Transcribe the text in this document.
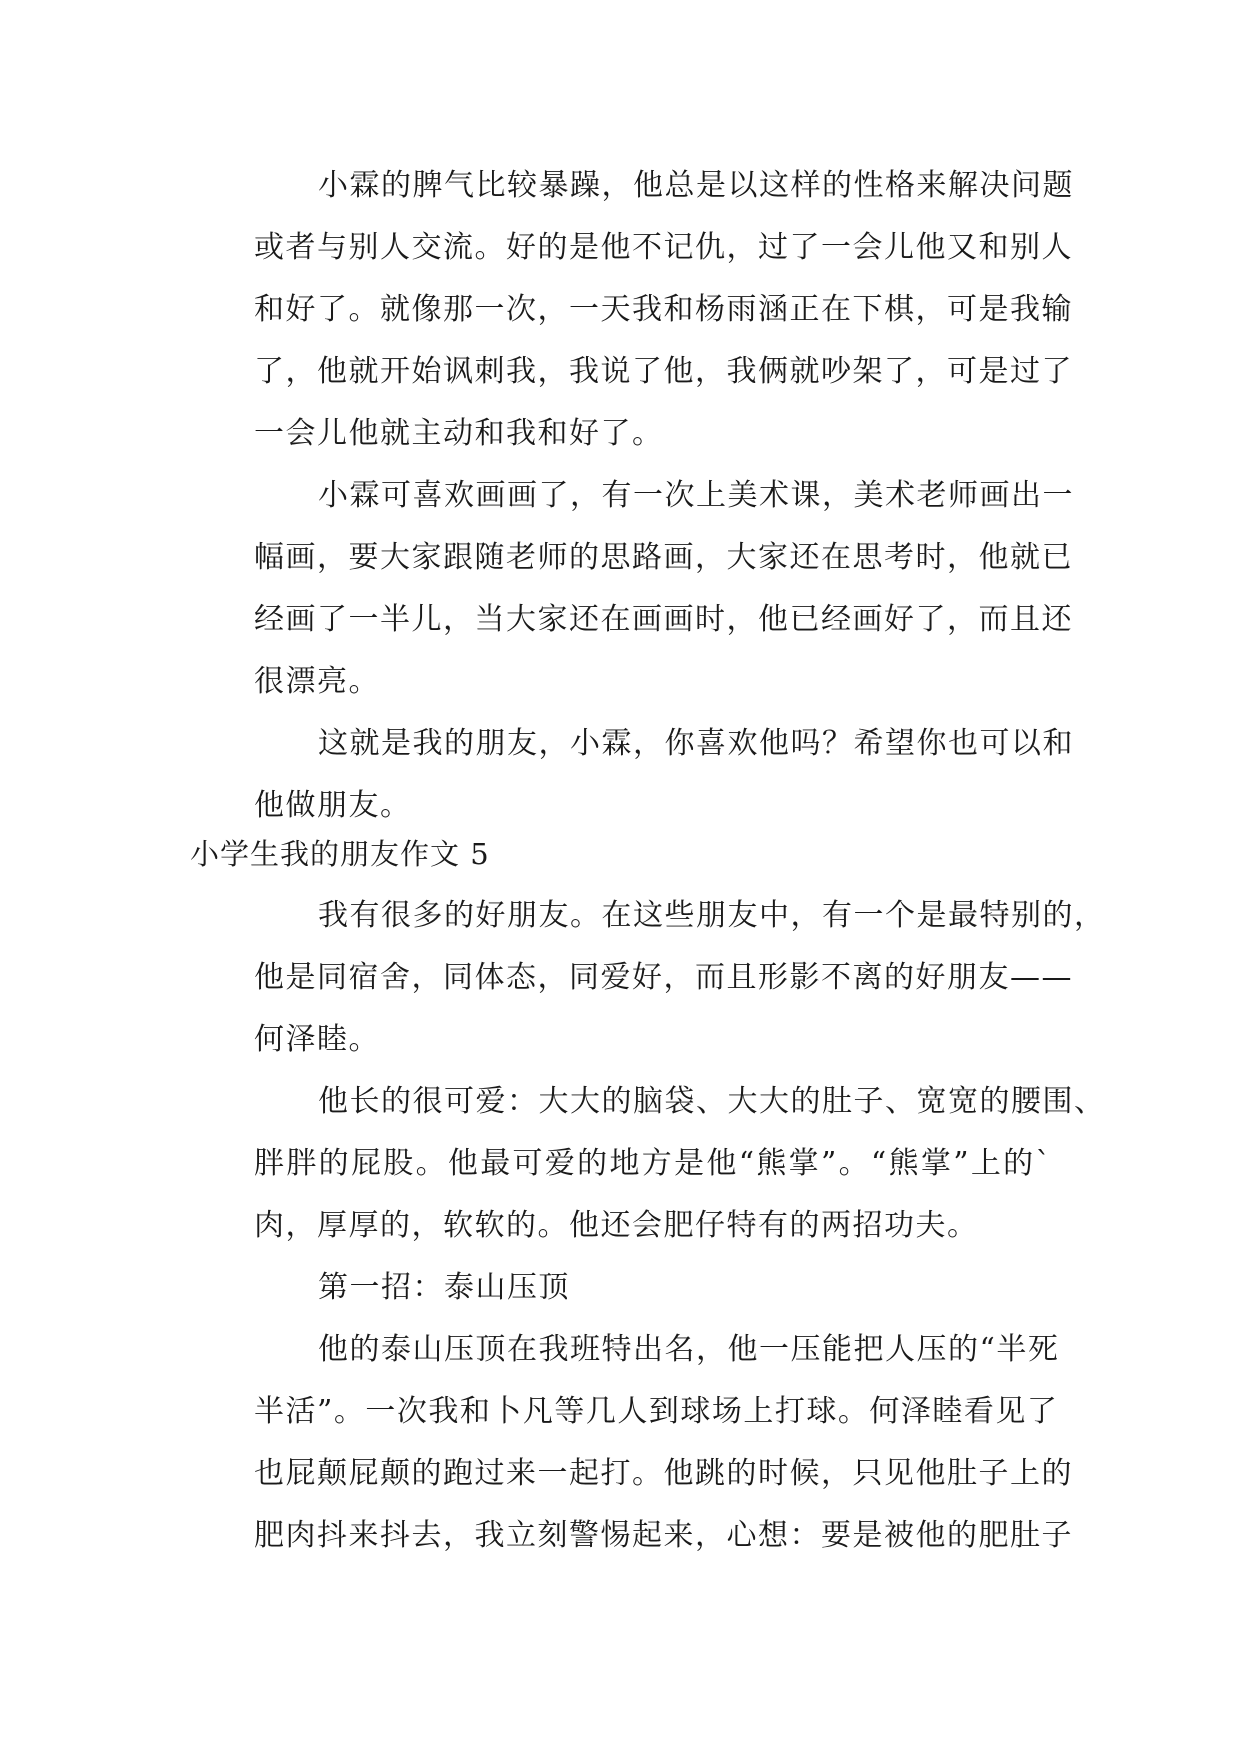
小霖的脾气比较暴躁，他总是以这样的性格来解决问题
或者与别人交流。好的是他不记仇，过了一会儿他又和别人
和好了。就像那一次，一天我和杨雨涵正在下棋，可是我输
了，他就开始讽刺我，我说了他，我俩就吵架了，可是过了
一会儿他就主动和我和好了。
小霖可喜欢画画了，有一次上美术课，美术老师画出一
幅画，要大家跟随老师的思路画，大家还在思考时，他就已
经画了一半儿，当大家还在画画时，他已经画好了，而且还
很漂亮。
这就是我的朋友，小霖，你喜欢他吗？希望你也可以和
他做朋友。
小学生我的朋友作文 5
我有很多的好朋友。在这些朋友中，有一个是最特别的，
他是同宿舍，同体态，同爱好，而且形影不离的好朋友——
何泽睦。
他长的很可爱：大大的脑袋、大大的肚子、宽宽的腰围、
胖胖的屁股。他最可爱的地方是他“熊掌”。“熊掌”上的`
肉，厚厚的，软软的。他还会肥仔特有的两招功夫。
第一招：泰山压顶
他的泰山压顶在我班特出名，他一压能把人压的“半死
半活”。一次我和卜凡等几人到球场上打球。何泽睦看见了
也屁颠屁颠的跑过来一起打。他跳的时候，只见他肚子上的
肥肉抖来抖去，我立刻警惕起来，心想：要是被他的肥肚子
